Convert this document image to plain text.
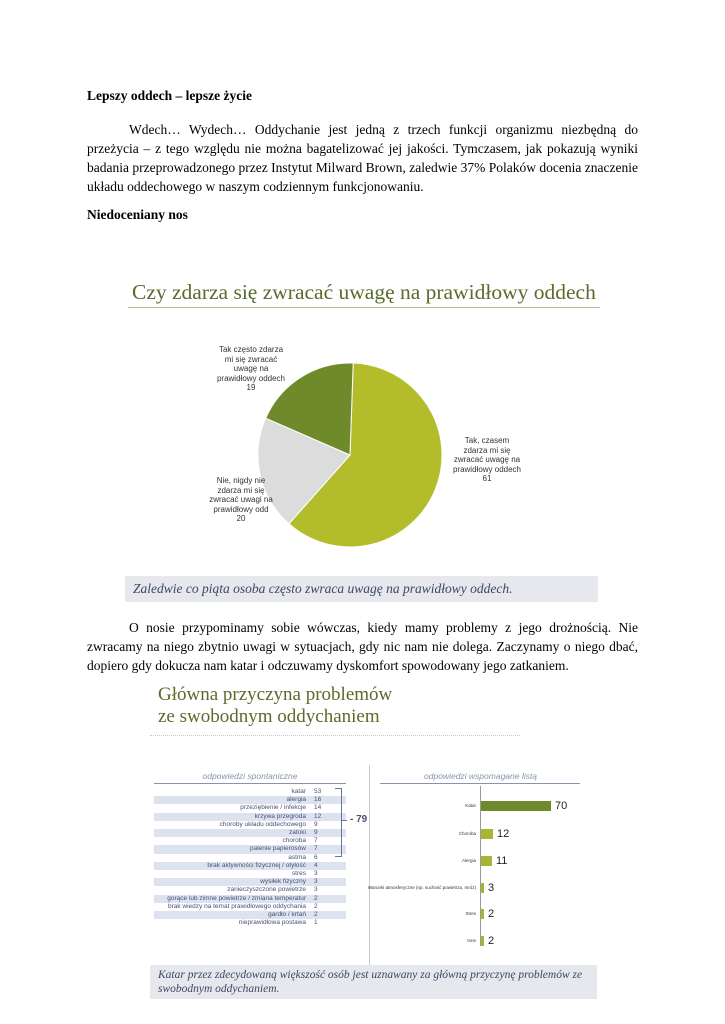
Lepszy oddech – lepsze życie
Wdech… Wydech… Oddychanie jest jedną z trzech funkcji organizmu niezbędną do przeżycia – z tego względu nie można bagatelizować jej jakości. Tymczasem, jak pokazują wyniki badania przeprowadzonego przez Instytut Milward Brown, zaledwie 37% Polaków docenia znaczenie układu oddechowego w naszym codziennym funkcjonowaniu.
Niedoceniany nos
Czy zdarza się zwracać uwagę na prawidłowy oddech
Tak często zdarza mi się zwracać uwagę na prawidłowy oddech
19
Tak, czasem zdarza mi się zwracać uwagę na prawidłowy oddech
61
Nie, nigdy nie zdarza mi się zwracać uwagi na prawidłowy odd
20
Zaledwie co piąta osoba często zwraca uwagę na prawidłowy oddech.
O nosie przypominamy sobie wówczas, kiedy mamy problemy z jego drożnością. Nie zwracamy na niego zbytnio uwagi w sytuacjach, gdy nic nam nie dolega. Zaczynamy o niego dbać, dopiero gdy dokucza nam katar i odczuwamy dyskomfort spowodowany jego zatkaniem.
Główna przyczyna problemów
ze swobodnym oddychaniem
odpowiedzi spontaniczne
katar 53
alergia 16
przeziębienie / infekcje 14
krzywa przegroda 12
choroby układu oddechowego 9
zatoki 9
choroba 7
palenie papierosów 7
astma 6
brak aktywności fizycznej / otyłość 4
stres 3
wysiłek fizyczny 3
zanieczyszczone powietrze 3
gorące lub zimne powietrze / zmiana temperatur 2
brak wiedzy na temat prawidłowego oddychania 2
gardło / krtań 2
nieprawidłowa postawa 1
- 79
odpowiedzi wspomagane listą
Katar	70
Choroba 12
Alergia 11
Warunki atmosferyczne (np. suchość powietrza, mróz) 3
Stres 2
Inne 2
Katar przez zdecydowaną większość osób jest uznawany za główną przyczynę problemów ze swobodnym oddychaniem.
